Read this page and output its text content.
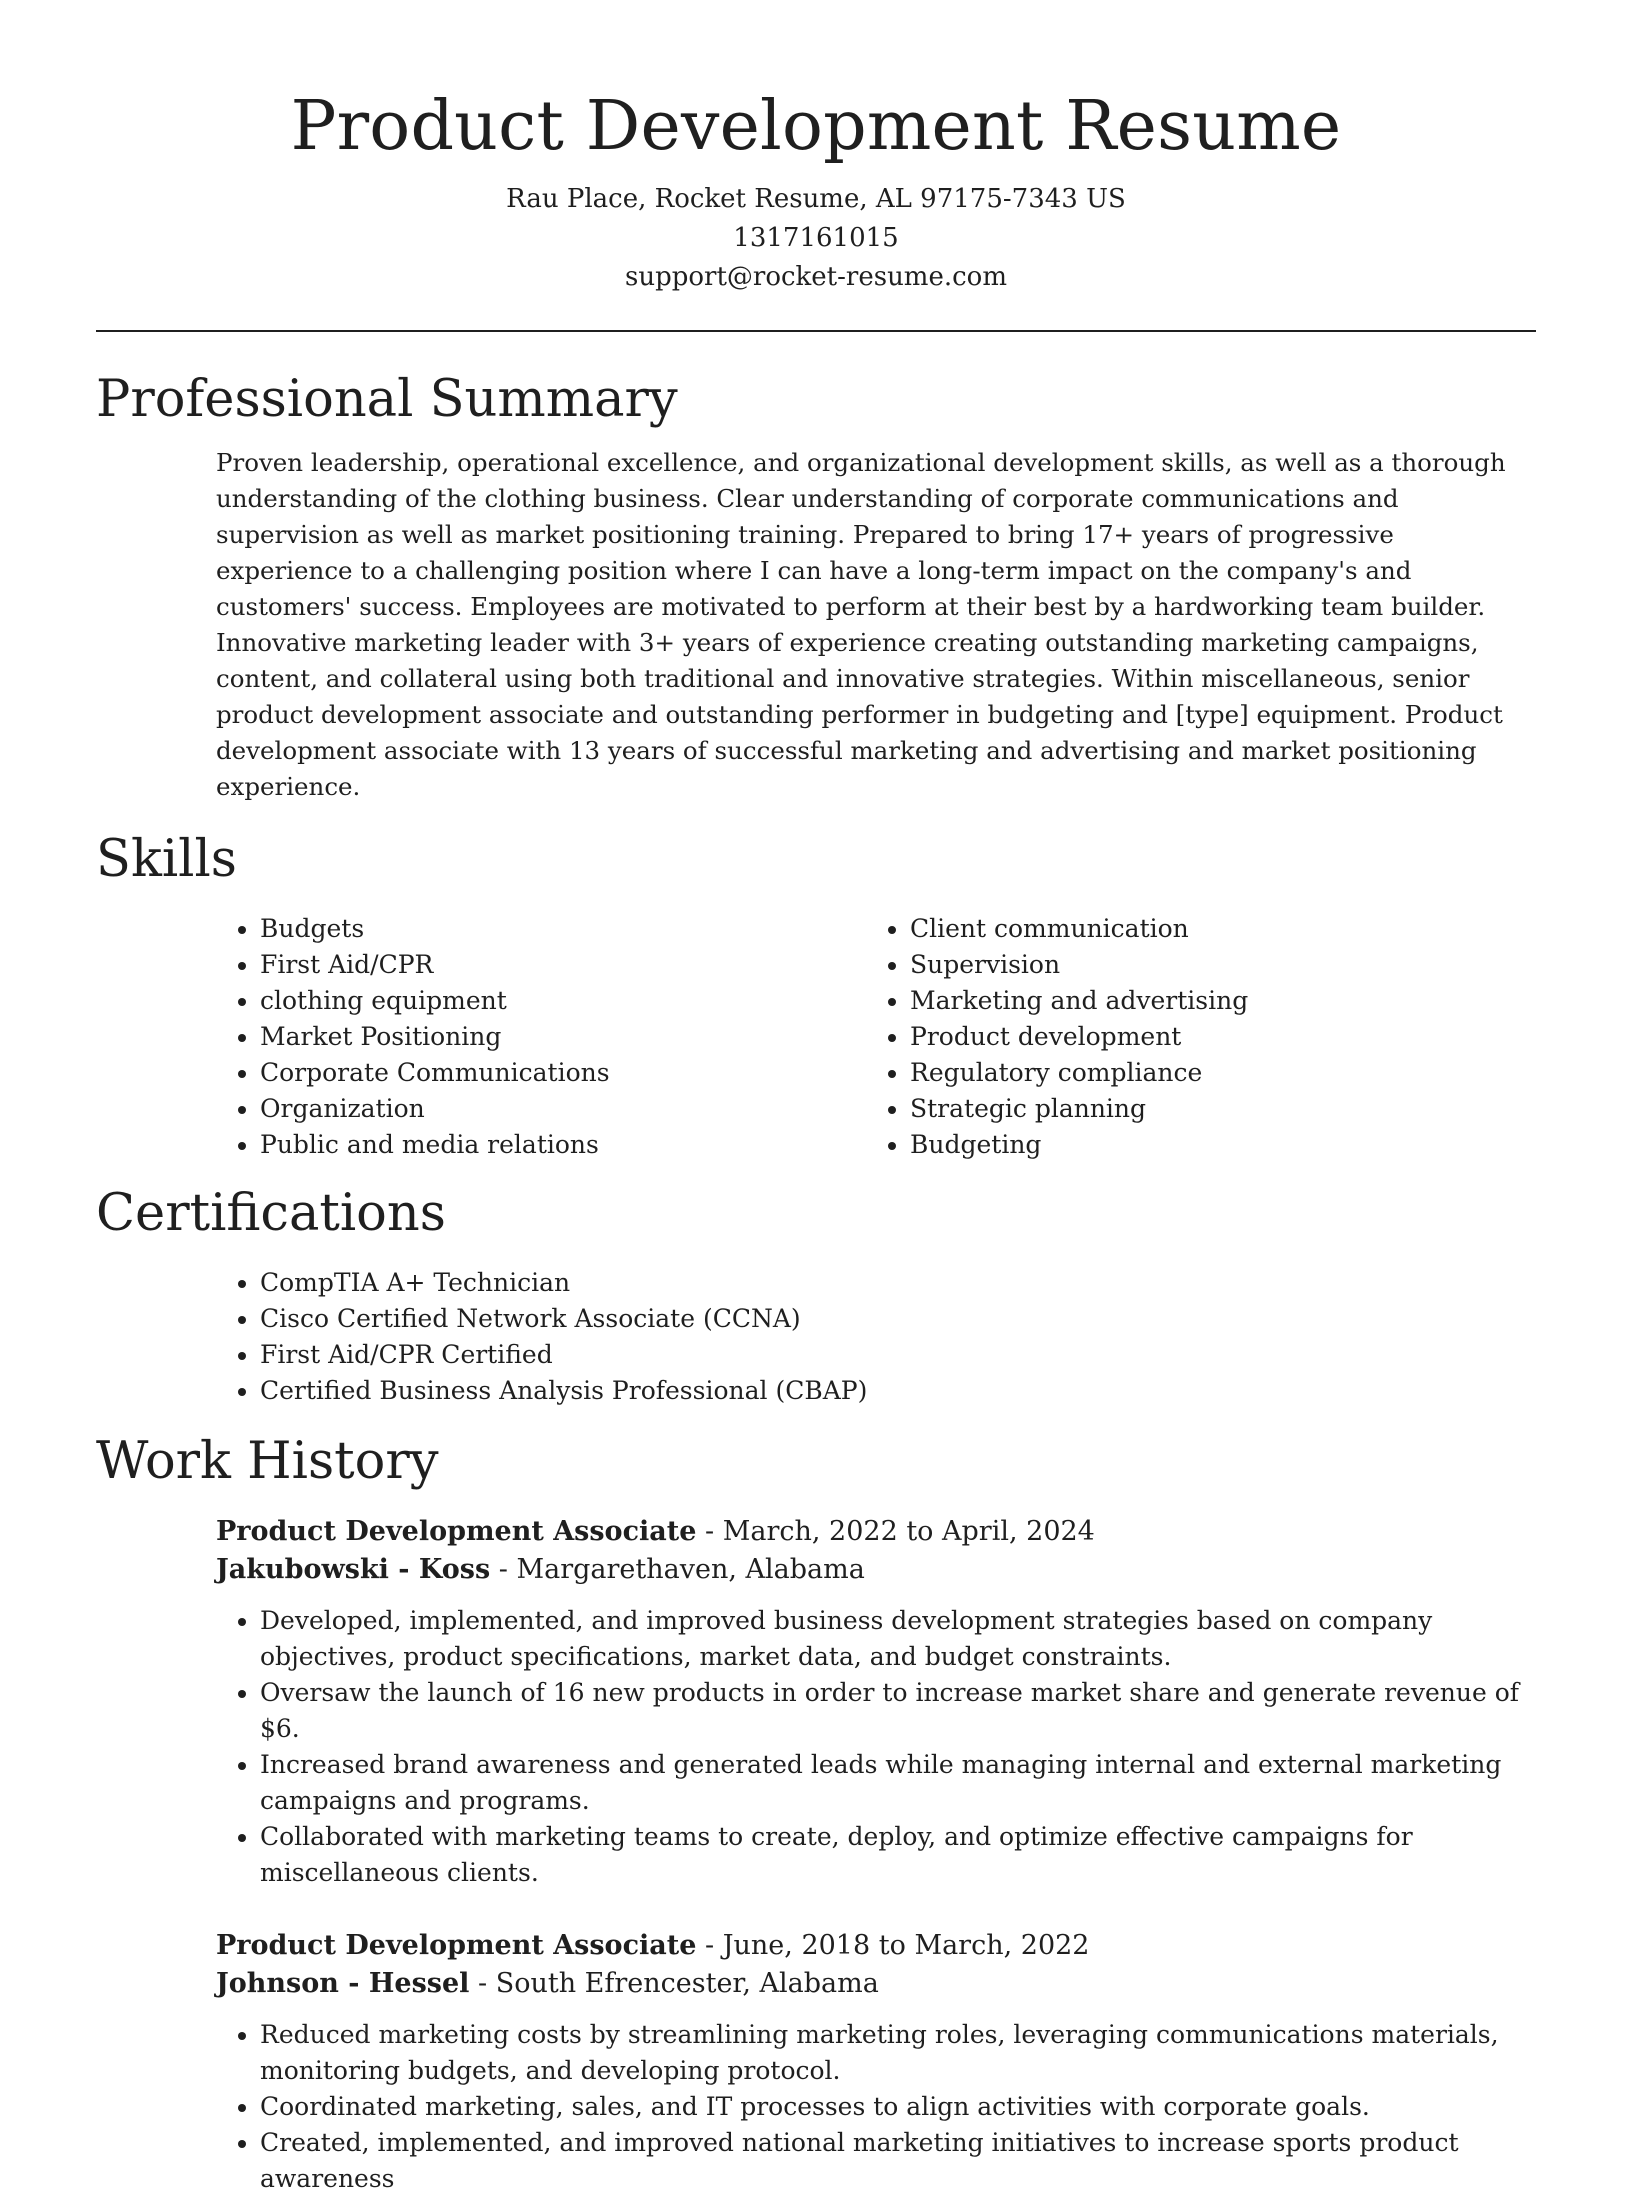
Product Development Resume
Rau Place, Rocket Resume, AL 97175-7343 US
1317161015
support@rocket-resume.com
Professional Summary

Proven leadership, operational excellence, and organizational development skills, as well as a thorough understanding of the clothing business. Clear understanding of corporate communications and supervision as well as market positioning training. Prepared to bring 17+ years of progressive experience to a challenging position where I can have a long-term impact on the company's and customers' success. Employees are motivated to perform at their best by a hardworking team builder. Innovative marketing leader with 3+ years of experience creating outstanding marketing campaigns, content, and collateral using both traditional and innovative strategies. Within miscellaneous, senior product development associate and outstanding performer in budgeting and [type] equipment. Product development associate with 13 years of successful marketing and advertising and market positioning experience.

Skills
• Budgets
• First Aid/CPR
• clothing equipment
• Market Positioning
• Corporate Communications
• Organization
• Public and media relations
• Client communication
• Supervision
• Marketing and advertising
• Product development
• Regulatory compliance
• Strategic planning
• Budgeting
Certifications
• CompTIA A+ Technician
• Cisco Certified Network Associate (CCNA)
• First Aid/CPR Certified
• Certified Business Analysis Professional (CBAP)
Work History
Product Development Associate - March, 2022 to April, 2024
Jakubowski - Koss - Margarethaven, Alabama
• Developed, implemented, and improved business development strategies based on company objectives, product specifications, market data, and budget constraints.
• Oversaw the launch of 16 new products in order to increase market share and generate revenue of $6.
• Increased brand awareness and generated leads while managing internal and external marketing campaigns and programs.
• Collaborated with marketing teams to create, deploy, and optimize effective campaigns for miscellaneous clients.
Product Development Associate - June, 2018 to March, 2022
Johnson - Hessel - South Efrencester, Alabama
• Reduced marketing costs by streamlining marketing roles, leveraging communications materials, monitoring budgets, and developing protocol.
• Coordinated marketing, sales, and IT processes to align activities with corporate goals.
• Created, implemented, and improved national marketing initiatives to increase sports product awareness
